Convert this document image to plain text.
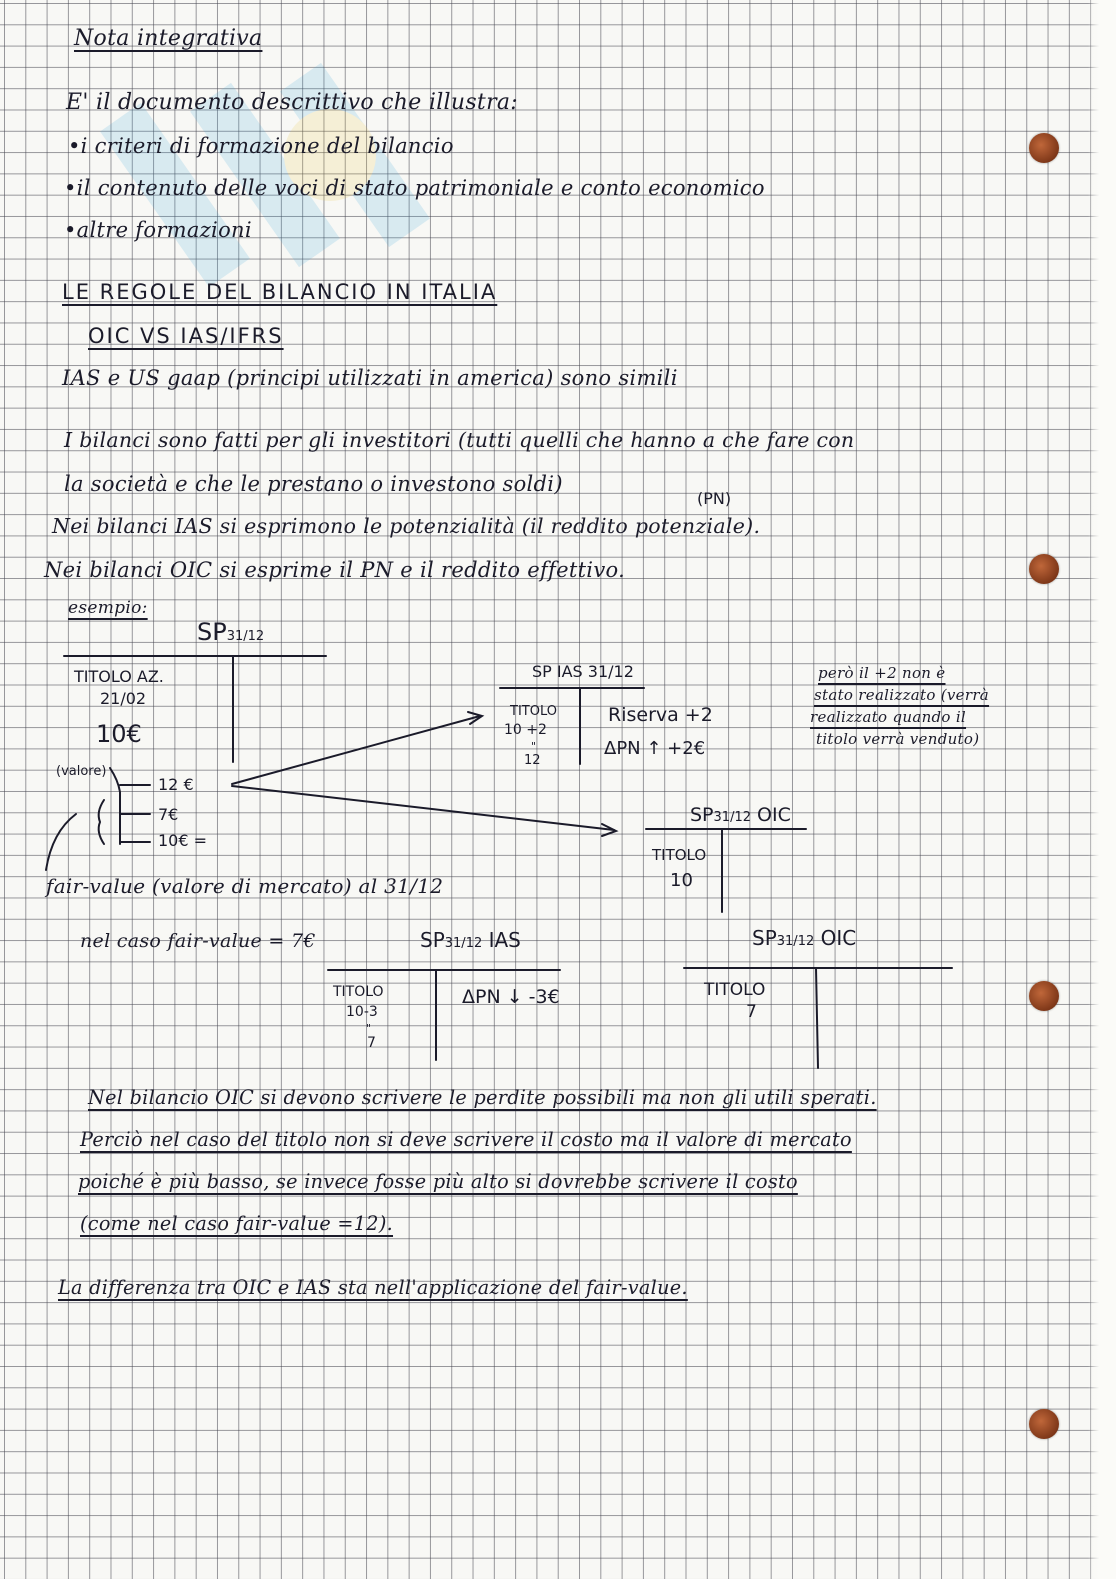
Nota integrativa
E' il documento descrittivo che illustra:
•i criteri di formazione del bilancio
•il contenuto delle voci di stato patrimoniale e conto economico
•altre formazioni
LE REGOLE DEL BILANCIO IN ITALIA
OIC VS IAS/IFRS
IAS e US gaap (principi utilizzati in america) sono simili
I bilanci sono fatti per gli investitori (tutti quelli che hanno a che fare con
la società e che le prestano o investono soldi)
(PN)
Nei bilanci IAS si esprimono le potenzialità (il reddito potenziale).
Nei bilanci OIC si esprime il PN e il reddito effettivo.
esempio:
SP31/12
TITOLO AZ.
21/02
10€
(valore)
12 €
7€
10€ =
fair-value (valore di mercato) al 31/12
SP IAS 31/12
TITOLO
10 +2
"
12
Riserva +2
ΔPN ↑ +2€
però il +2 non è
stato realizzato (verrà
realizzato quando il
titolo verrà venduto)
SP31/12 OIC
TITOLO
10
nel caso fair-value = 7€	SP31/12 IAS
TITOLO
10-3
"
7
ΔPN ↓ -3€
SP31/12 OIC
TITOLO
7
Nel bilancio OIC si devono scrivere le perdite possibili ma non gli utili sperati.
Perciò nel caso del titolo non si deve scrivere il costo ma il valore di mercato
poiché è più basso, se invece fosse più alto si dovrebbe scrivere il costo
(come nel caso fair-value =12).
La differenza tra OIC e IAS sta nell'applicazione del fair-value.
